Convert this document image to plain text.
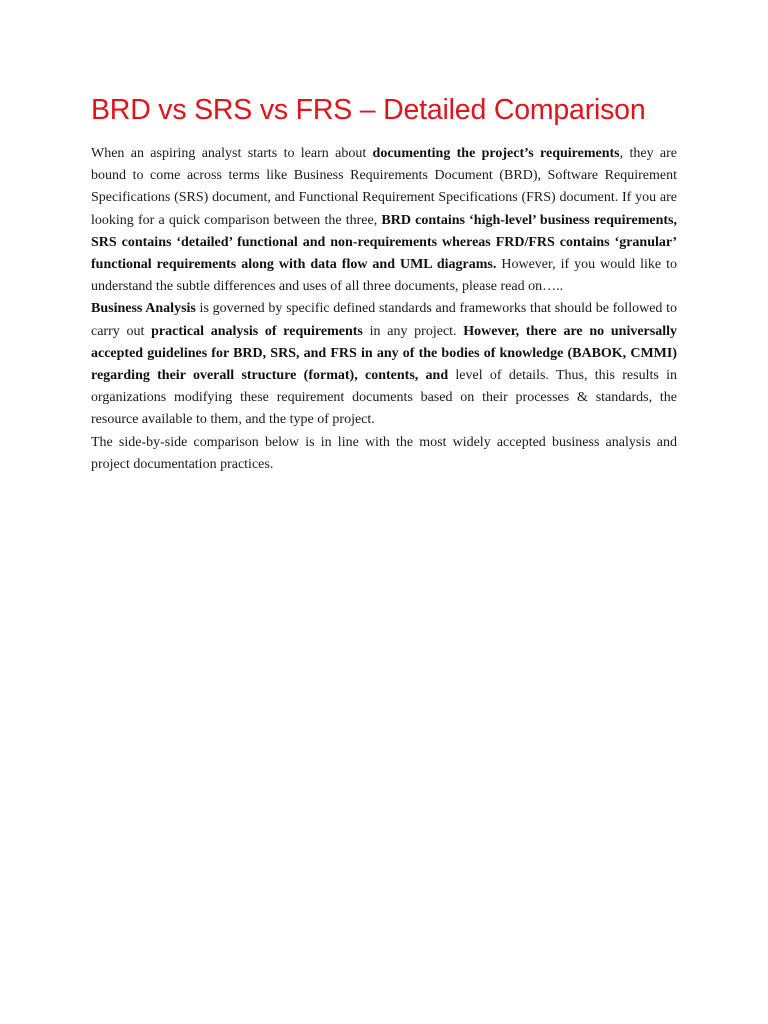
BRD vs SRS vs FRS – Detailed Comparison

When an aspiring analyst starts to learn about documenting the project’s requirements, they are bound to come across terms like Business Requirements Document (BRD), Software Requirement Specifications (SRS) document, and Functional Requirement Specifications (FRS) document. If you are looking for a quick comparison between the three, BRD contains ‘high-level’ business requirements, SRS contains ‘detailed’ functional and non-requirements whereas FRD/FRS contains ‘granular’ functional requirements along with data flow and UML diagrams. However, if you would like to understand the subtle differences and uses of all three documents, please read on…..

Business Analysis is governed by specific defined standards and frameworks that should be followed to carry out practical analysis of requirements in any project. However, there are no universally accepted guidelines for BRD, SRS, and FRS in any of the bodies of knowledge (BABOK, CMMI) regarding their overall structure (format), contents, and level of details. Thus, this results in organizations modifying these requirement documents based on their processes & standards, the resource available to them, and the type of project.

The side-by-side comparison below is in line with the most widely accepted business analysis and project documentation practices.
